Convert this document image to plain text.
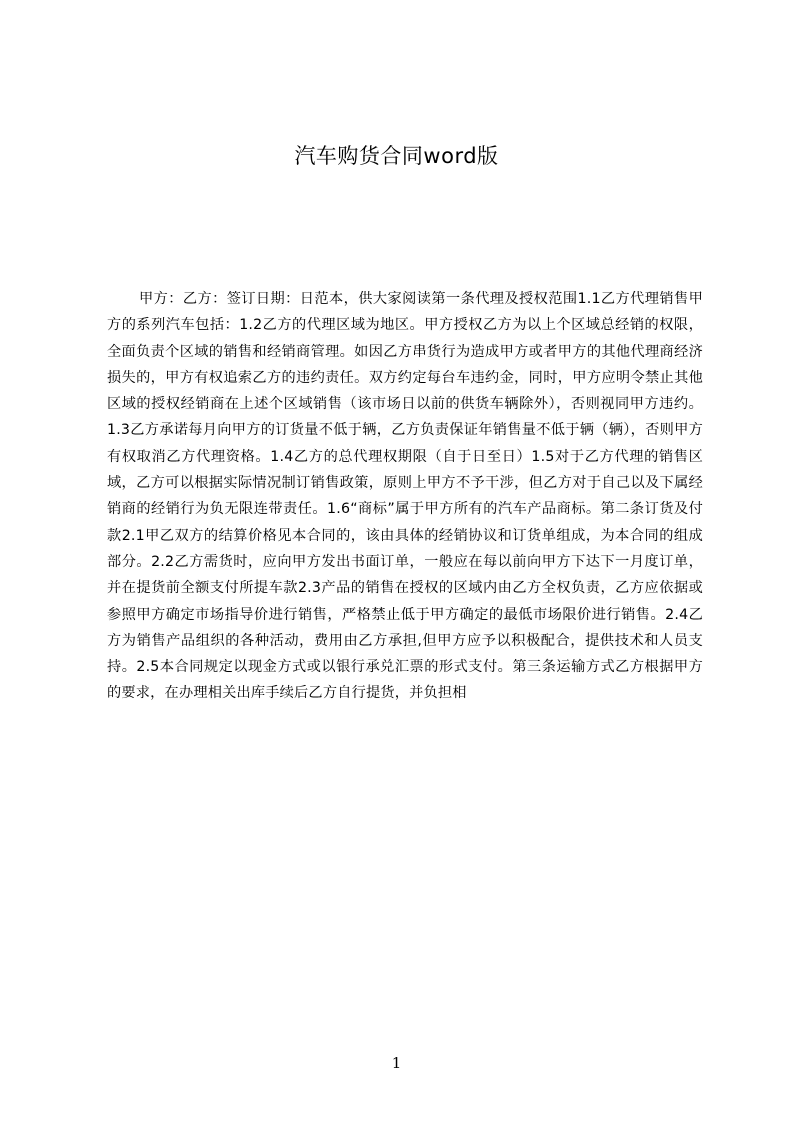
汽车购货合同word版

甲方：乙方：签订日期：日范本，供大家阅读第一条代理及授权范围1.1乙方代理销售甲方的系列汽车包括：1.2乙方的代理区域为地区。甲方授权乙方为以上个区域总经销的权限，全面负责个区域的销售和经销商管理。如因乙方串货行为造成甲方或者甲方的其他代理商经济损失的，甲方有权追索乙方的违约责任。双方约定每台车违约金，同时，甲方应明令禁止其他区域的授权经销商在上述个区域销售（该市场日以前的供货车辆除外），否则视同甲方违约。1.3乙方承诺每月向甲方的订货量不低于辆，乙方负责保证年销售量不低于辆（辆），否则甲方有权取消乙方代理资格。1.4乙方的总代理权期限（自于日至日）1.5对于乙方代理的销售区域，乙方可以根据实际情况制订销售政策，原则上甲方不予干涉，但乙方对于自己以及下属经销商的经销行为负无限连带责任。1.6“商标”属于甲方所有的汽车产品商标。第二条订货及付款2.1甲乙双方的结算价格见本合同的，该由具体的经销协议和订货单组成，为本合同的组成部分。2.2乙方需货时，应向甲方发出书面订单，一般应在每以前向甲方下达下一月度订单，并在提货前全额支付所提车款2.3产品的销售在授权的区域内由乙方全权负责，乙方应依据或参照甲方确定市场指导价进行销售，严格禁止低于甲方确定的最低市场限价进行销售。2.4乙方为销售产品组织的各种活动，费用由乙方承担,但甲方应予以积极配合，提供技术和人员支持。2.5本合同规定以现金方式或以银行承兑汇票的形式支付。第三条运输方式乙方根据甲方的要求，在办理相关出库手续后乙方自行提货，并负担相

1
